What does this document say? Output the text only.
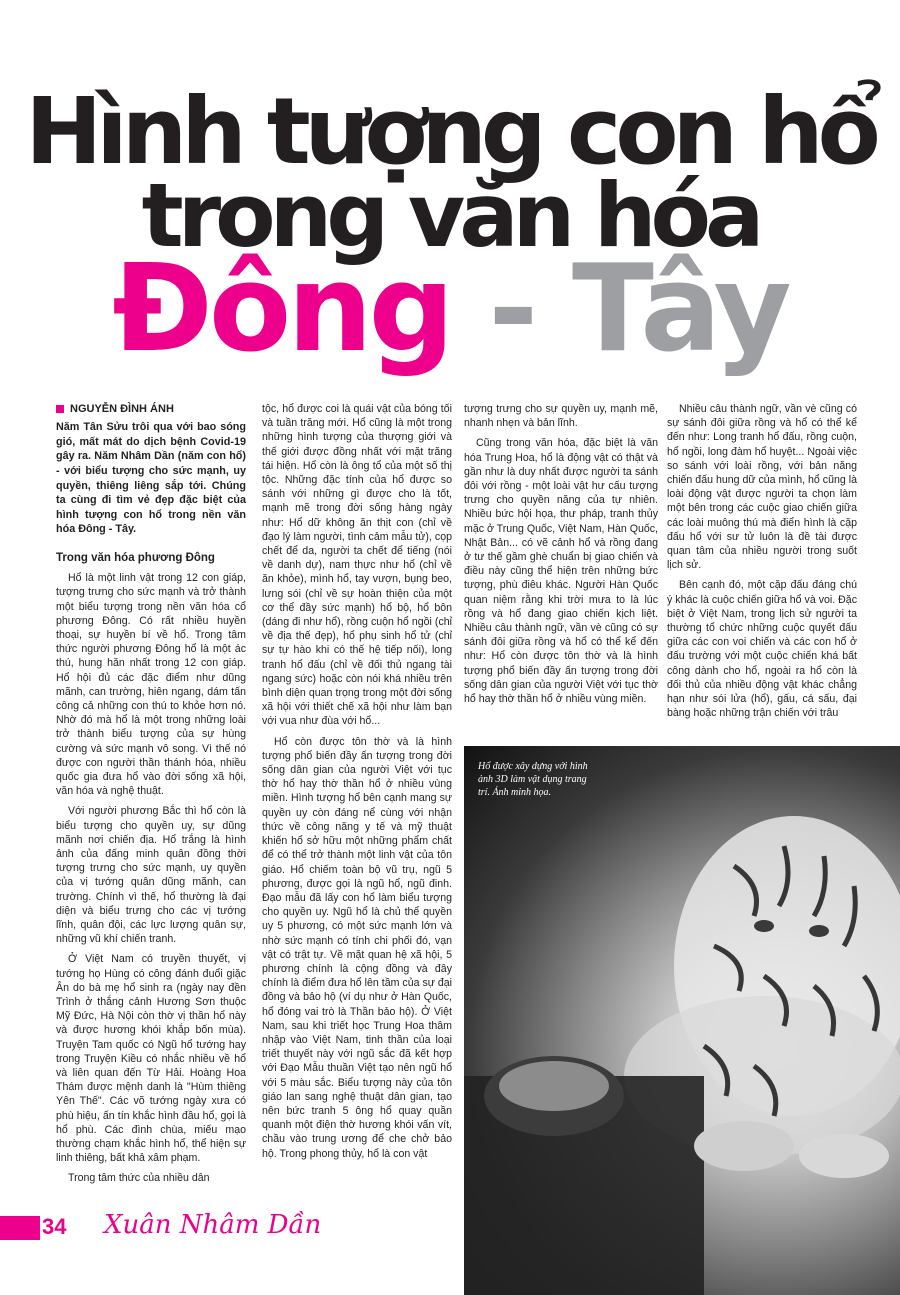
Hình tượng con hổ
trong văn hóa
Đông - Tây
NGUYỄN ĐÌNH ÁNH

Năm Tân Sửu trôi qua với bao sóng gió, mất mát do dịch bệnh Covid-19 gây ra. Năm Nhâm Dần (năm con hổ) - với biểu tượng cho sức mạnh, uy quyền, thiêng liêng sắp tới. Chúng ta cùng đi tìm vẻ đẹp đặc biệt của hình tượng con hổ trong nền văn hóa Đông - Tây.

Trong văn hóa phương Đông

Hổ là một linh vật trong 12 con giáp, tượng trưng cho sức mạnh và trở thành một biểu tượng trong nền văn hóa cổ phương Đông. Có rất nhiều huyền thoại, sự huyền bí về hổ. Trong tâm thức người phương Đông hổ là một ác thú, hung hăn nhất trong 12 con giáp. Hổ hội đủ các đặc điểm như dũng mãnh, can trường, hiên ngang, dám tấn công cả những con thú to khỏe hơn nó. Nhờ đó mà hổ là một trong những loài trở thành biểu tượng của sự hùng cường và sức mạnh vô song. Vì thế nó được con người thần thánh hóa, nhiều quốc gia đưa hổ vào đời sống xã hội, văn hóa và nghệ thuật.

Với người phương Bắc thì hổ còn là biểu tượng cho quyền uy, sự dũng mãnh nơi chiến địa. Hổ trắng là hình ảnh của đấng minh quân đồng thời tượng trưng cho sức mạnh, uy quyền của vị tướng quân dũng mãnh, can trường. Chính vì thế, hổ thường là đại diện và biểu trưng cho các vị tướng lĩnh, quân đội, các lực lượng quân sự, những vũ khí chiến tranh.

Ở Việt Nam có truyền thuyết, vị tướng họ Hùng có công đánh đuổi giặc Ân do bà mẹ hổ sinh ra (ngày nay đền Trình ở thắng cảnh Hương Sơn thuộc Mỹ Đức, Hà Nội còn thờ vị thần hổ này và được hương khói khắp bốn mùa). Truyện Tam quốc có Ngũ hổ tướng hay trong Truyện Kiều có nhắc nhiều về hổ và liên quan đến Từ Hải. Hoàng Hoa Thám được mệnh danh là "Hùm thiêng Yên Thế". Các võ tướng ngày xưa có phù hiệu, ấn tín khắc hình đầu hổ, gọi là hổ phù. Các đình chùa, miếu mạo thường chạm khắc hình hổ, thể hiện sự linh thiêng, bất khả xâm phạm.

Trong tâm thức của nhiều dân

tộc, hổ được coi là quái vật của bóng tối và tuần trăng mới. Hổ cũng là một trong những hình tượng của thượng giới và thế giới được đồng nhất với mặt trăng tái hiện. Hổ còn là ông tổ của một số thị tộc. Những đặc tính của hổ được so sánh với những gì được cho là tốt, mạnh mẽ trong đời sống hàng ngày như: Hổ dữ không ăn thịt con (chỉ về đạo lý làm người, tình cảm mẫu tử), cọp chết để da, người ta chết để tiếng (nói về danh dự), nam thực như hổ (chỉ về ăn khỏe), mình hổ, tay vượn, bụng beo, lưng sói (chỉ về sự hoàn thiện của một cơ thể đầy sức mạnh) hổ bộ, hổ bôn (dáng đi như hổ), rồng cuộn hổ ngồi (chỉ về địa thế đẹp), hổ phụ sinh hổ tử (chỉ sự tự hào khi có thế hệ tiếp nối), long tranh hổ đấu (chỉ về đối thủ ngang tài ngang sức) hoặc còn nói khá nhiều trên bình diện quan trọng trong một đời sống xã hội với thiết chế xã hội như làm bạn với vua như đùa với hổ...

Hổ còn được tôn thờ và là hình tượng phổ biến đầy ấn tượng trong đời sống dân gian của người Việt với tục thờ hổ hay thờ thần hổ ở nhiều vùng miền. Hình tượng hổ bên cạnh mang sự quyền uy còn đáng nể cùng với nhận thức về công năng y tế và mỹ thuật khiến hổ sở hữu một những phẩm chất để có thể trở thành một linh vật của tôn giáo. Hổ chiếm toàn bộ vũ trụ, ngũ 5 phương, được gọi là ngũ hổ, ngũ đinh. Đạo mẫu đã lấy con hổ làm biểu tượng cho quyền uy. Ngũ hổ là chủ thể quyền uy 5 phương, có một sức mạnh lớn và nhờ sức mạnh có tính chi phối đó, vạn vật có trật tự. Về mặt quan hệ xã hội, 5 phương chính là cộng đồng và đây chính là điểm đưa hổ lên tầm của sự đại đồng và bảo hộ (ví dụ như ở Hàn Quốc, hổ đóng vai trò là Thần bảo hộ). Ở Việt Nam, sau khi triết học Trung Hoa thâm nhập vào Việt Nam, tinh thần của loại triết thuyết này với ngũ sắc đã kết hợp với Đạo Mẫu thuần Việt tạo nên ngũ hổ với 5 màu sắc. Biểu tượng này của tôn giáo lan sang nghệ thuật dân gian, tạo nên bức tranh 5 ông hổ quay quần quanh một điện thờ hương khói vấn vít, chầu vào trung ương để che chở bảo hộ. Trong phong thủy, hổ là con vật

tượng trưng cho sự quyền uy, mạnh mẽ, nhanh nhẹn và bản lĩnh.

Cũng trong văn hóa, đặc biệt là văn hóa Trung Hoa, hổ là động vật có thật và gần như là duy nhất được người ta sánh đôi với rồng - một loài vật hư cấu tượng trưng cho quyền năng của tự nhiên. Nhiều bức hội họa, thư pháp, tranh thủy mặc ở Trung Quốc, Việt Nam, Hàn Quốc, Nhật Bản... có vẽ cảnh hổ và rồng đang ở tư thế gầm ghè chuẩn bị giao chiến và điều này cũng thể hiện trên những bức tượng, phù điêu khác. Người Hàn Quốc quan niệm rằng khi trời mưa to là lúc rồng và hổ đang giao chiến kịch liệt. Nhiều câu thành ngữ, vần vè cũng có sự sánh đôi giữa rồng và hổ có thể kể đến như: Hổ còn được tôn thờ và là hình tượng phổ biến đầy ấn tượng trong đời sống dân gian của người Việt với tục thờ hổ hay thờ thần hổ ở nhiều vùng miền.

Nhiều câu thành ngữ, vần vè cũng có sự sánh đôi giữa rồng và hổ có thể kể đến như: Long tranh hổ đấu, rồng cuộn, hổ ngồi, long đàm hổ huyệt... Ngoài việc so sánh với loài rồng, với bản năng chiến đấu hung dữ của mình, hổ cũng là loài động vật được người ta chọn làm một bên trong các cuộc giao chiến giữa các loài muông thú mà điển hình là cặp đấu hổ với sư tử luôn là đề tài được quan tâm của nhiều người trong suốt lịch sử.

Bên cạnh đó, một cặp đấu đáng chú ý khác là cuộc chiến giữa hổ và voi. Đặc biệt ở Việt Nam, trong lịch sử người ta thường tổ chức những cuộc quyết đấu giữa các con voi chiến và các con hổ ở đấu trường với một cuộc chiến khá bất công dành cho hổ, ngoài ra hổ còn là đối thủ của nhiều động vật khác chẳng hạn như sói lửa (hổ), gấu, cá sấu, đại bàng hoặc những trận chiến với trâu

Hổ được xây dựng với hình ảnh 3D làm vật dụng trang trí. Ảnh minh họa.
34 Xuân Nhâm Dần
